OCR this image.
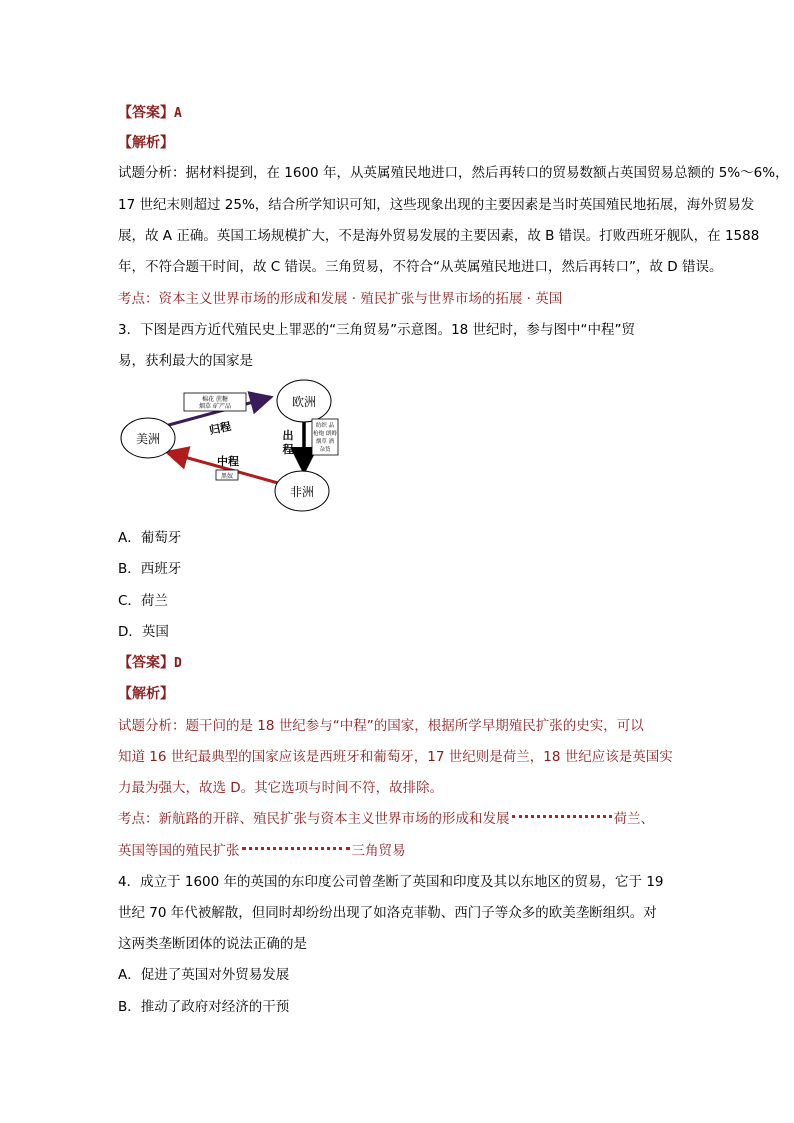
【答案】A
【解析】
试题分析：据材料提到，在 1600 年，从英属殖民地进口，然后再转口的贸易数额占英国贸易总额的 5%～6%，
17 世纪末则超过 25%，结合所学知识可知，这些现象出现的主要因素是当时英国殖民地拓展，海外贸易发
展，故 A 正确。英国工场规模扩大，不是海外贸易发展的主要因素，故 B 错误。打败西班牙舰队，在 1588
年，不符合题干时间，故 C 错误。三角贸易，不符合“从英属殖民地进口，然后再转口”，故 D 错误。
考点：资本主义世界市场的形成和发展 · 殖民扩张与世界市场的拓展 · 英国
3．下图是西方近代殖民史上罪恶的“三角贸易”示意图。18 世纪时，参与图中“中程”贸
易，获利最大的国家是
欧洲
美洲
非洲
棉花 蔗糖
烟草 矿产品
归程	出
程
纺织 品
枪炮 朗姆
烟草 酒
杂货
中程
黑奴
A．葡萄牙
B．西班牙
C．荷兰
D．英国
【答案】D
【解析】
试题分析：题干问的是 18 世纪参与“中程”的国家，根据所学早期殖民扩张的史实，可以
知道 16 世纪最典型的国家应该是西班牙和葡萄牙，17 世纪则是荷兰，18 世纪应该是英国实
力最为强大，故选 D。其它选项与时间不符，故排除。
考点：新航路的开辟、殖民扩张与资本主义世界市场的形成和发展	荷兰、
英国等国的殖民扩张	三角贸易
4．成立于 1600 年的英国的东印度公司曾垄断了英国和印度及其以东地区的贸易，它于 19
世纪 70 年代被解散，但同时却纷纷出现了如洛克菲勒、西门子等众多的欧美垄断组织。对
这两类垄断团体的说法正确的是
A．促进了英国对外贸易发展
B．推动了政府对经济的干预
